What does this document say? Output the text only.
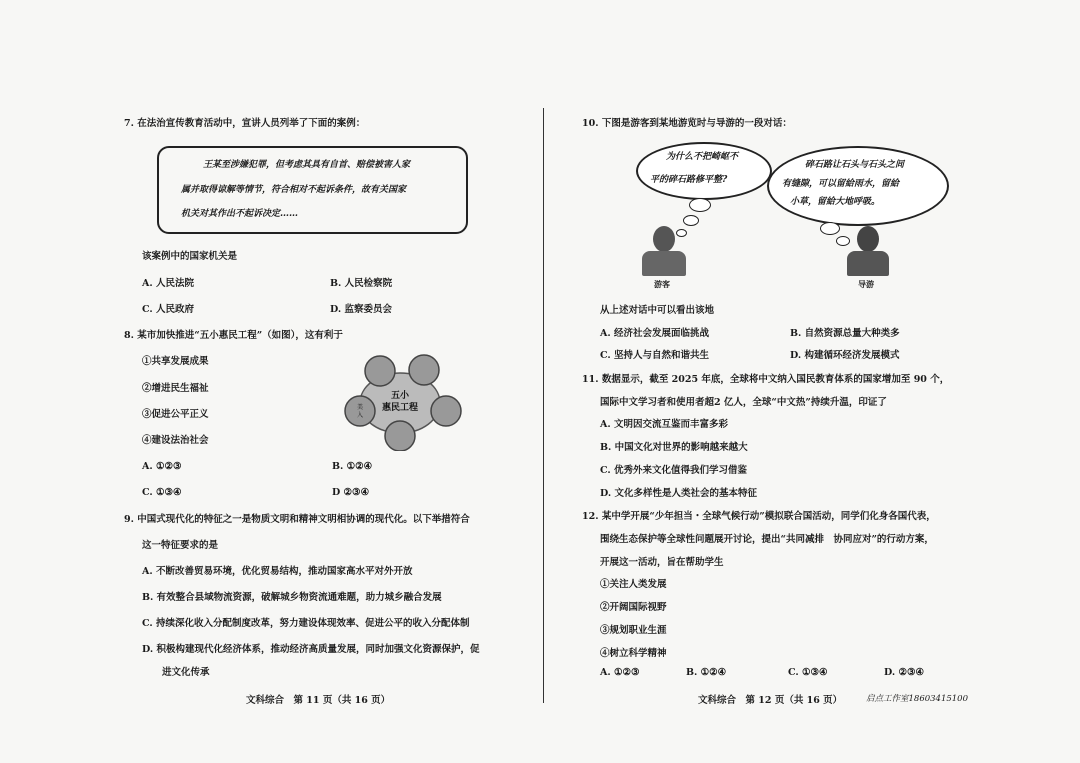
7. 在法治宣传教育活动中，宣讲人员列举了下面的案例：
王某至涉嫌犯罪，但考虑其具有自首、赔偿被害人家
属并取得谅解等情节，符合相对不起诉条件，故有关国家
机关对其作出不起诉决定……
该案例中的国家机关是
A. 人民法院	B. 人民检察院
C. 人民政府	D. 监察委员会
8. 某市加快推进“五小惠民工程”（如图），这有利于
①共享发展成果
②增进民生福祉
③促进公平正义
④建设法治社会
五小
惠民工程
美
入
A. ①②③	B. ①②④
C. ①③④	D ②③④
9. 中国式现代化的特征之一是物质文明和精神文明相协调的现代化。以下举措符合
这一特征要求的是
A. 不断改善贸易环境，优化贸易结构，推动国家高水平对外开放
B. 有效整合县域物流资源，破解城乡物资流通难题，助力城乡融合发展
C. 持续深化收入分配制度改革，努力建设体现效率、促进公平的收入分配体制
D. 积极构建现代化经济体系，推动经济高质量发展，同时加强文化资源保护，促
进文化传承
文科综合　第 11 页（共 16 页）
10. 下图是游客到某地游览时与导游的一段对话：
为什么不把崎岖不
平的碎石路修平整?
碎石路让石头与石头之间
有缝隙，可以留給雨水，留給
小草，留給大地呼吸。
游客	导游
从上述对话中可以看出该地
A. 经济社会发展面临挑战	B. 自然资源总量大种类多
C. 坚持人与自然和谐共生	D. 构建循环经济发展模式
11. 数据显示，截至 2025 年底，全球将中文纳入国民教育体系的国家增加至 90 个，
国际中文学习者和使用者超2 亿人，全球“中文热”持续升温，印证了
A. 文明因交流互鉴而丰富多彩
B. 中国文化对世界的影响越来越大
C. 优秀外来文化值得我们学习借鉴
D. 文化多样性是人类社会的基本特征
12. 某中学开展“少年担当・全球气候行动”模拟联合国活动，同学们化身各国代表，
围绕生态保护等全球性问题展开讨论，提出“共同减排　协同应对”的行动方案，
开展这一活动，旨在帮助学生
①关注人类发展
②开阔国际视野
③规划职业生涯
④树立科学精神
A. ①②③	B. ①②④	C. ①③④	D. ②③④
文科综合　第 12 页（共 16 页）	启点工作室18603415100
